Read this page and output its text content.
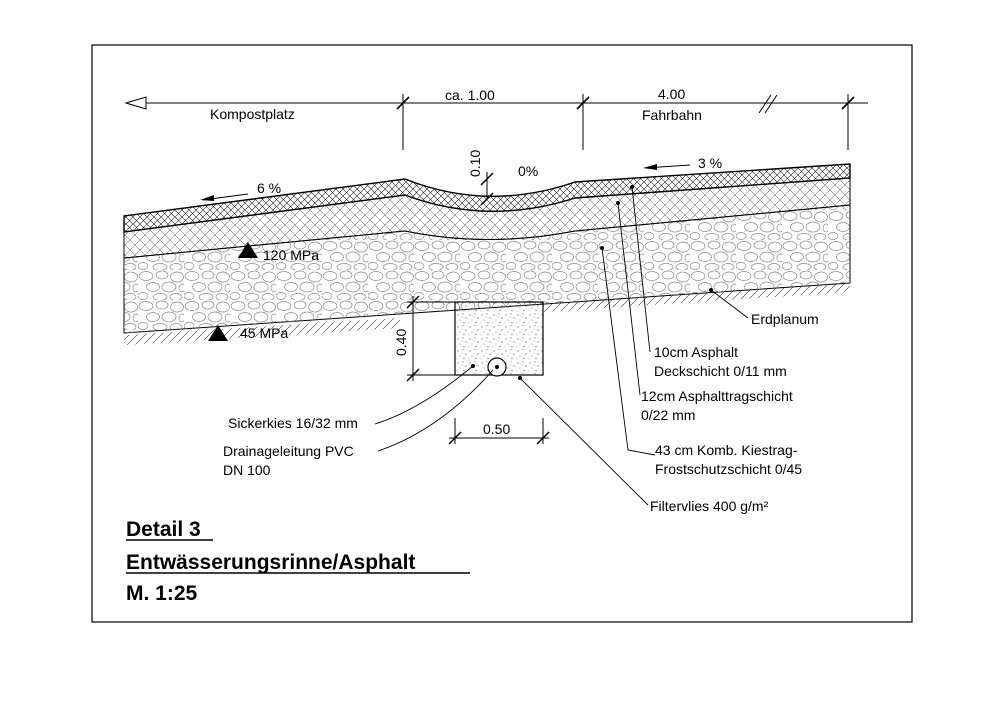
Kompostplatz
ca. 1.00	4.00
Fahrbahn
0.10	0%
6 %
3 %
120 MPa
45 MPa	0.40
0.50
Erdplanum
10cm Asphalt
Deckschicht 0/11 mm
12cm Asphalttragschicht
0/22 mm
43 cm Komb. Kiestrag-
Frostschutzschicht 0/45
Filtervlies 400 g/m²
Sickerkies 16/32 mm
Drainageleitung PVC
DN 100
Detail 3
Entwässerungsrinne/Asphalt
M. 1:25
